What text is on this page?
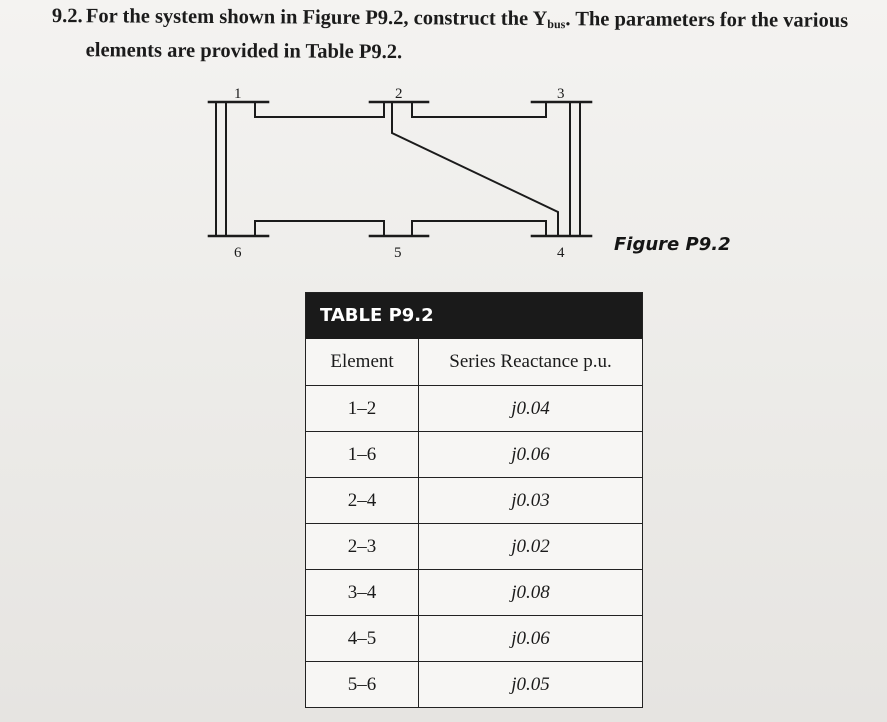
9.2. For the system shown in Figure P9.2, construct the $Y_{bus}$. The parameters for the various
elements are provided in Table P9.2.
1	2	3
4
5
6	Figure P9.2
TABLE P9.2
Element	Series Reactance p.u.
1–2	j0.04
1–6	j0.06
2–4	j0.03
2–3	j0.02
3–4	j0.08
4–5	j0.06
5–6	j0.05
